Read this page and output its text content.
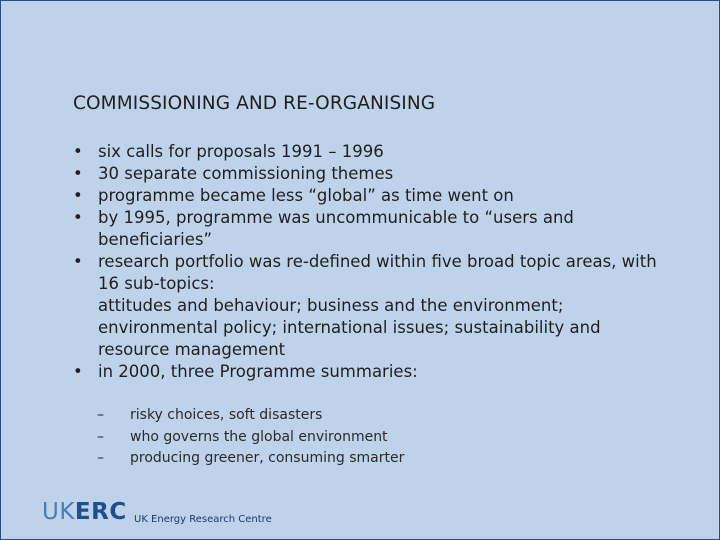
COMMISSIONING AND RE-ORGANISING
• six calls for proposals 1991 – 1996
• 30 separate commissioning themes
• programme became less “global” as time went on
• by 1995, programme was uncommunicable to “users and beneficiaries”
• research portfolio was re-defined within five broad topic areas, with 16 sub-topics:
attitudes and behaviour; business and the environment; environmental policy; international issues; sustainability and resource management
• in 2000, three Programme summaries:
– risky choices, soft disasters
– who governs the global environment
– producing greener, consuming smarter
UKERC UK Energy Research Centre
